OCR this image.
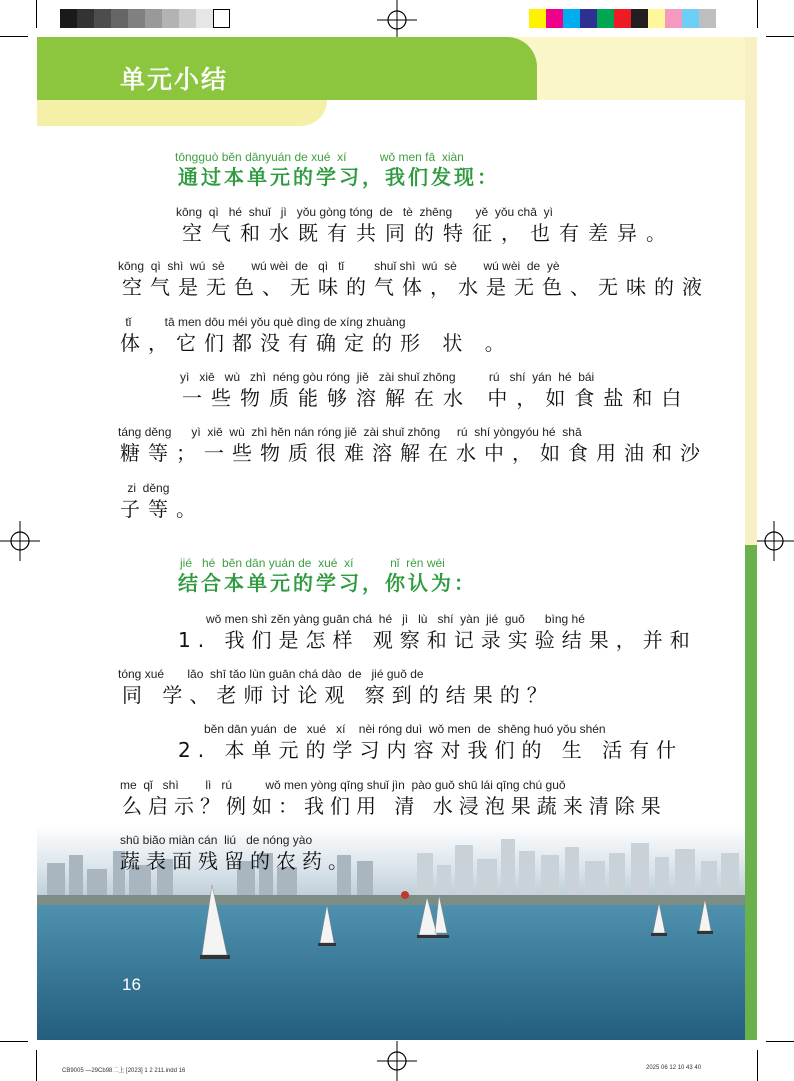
单元小结
tōngguò běn dānyuán de xué  xí          wǒ men fā  xiàn
通过本单元的学习，我们发现：
kōng  qì   hé  shuǐ   jì   yǒu gòng tóng  de   tè  zhēng       yě  yǒu chā  yì
空气和水既有共同的特征，也有差异。
kōng  qì  shì  wú  sè        wú wèi  de   qì   tǐ         shuǐ shì  wú  sè        wú wèi  de  yè
空气是无色、无味的气体，水是无色、无味的液
tǐ          tā men dōu méi yǒu què dìng de xíng zhuàng
体，它们都没有确定的形 状 。
yì   xiē   wù   zhì  néng gòu róng  jiě   zài shuǐ zhōng          rú   shí  yán  hé  bái
一些物质能够溶解在水 中，如食盐和白
táng děng      yì  xiē  wù  zhì hěn nán róng jiě  zài shuǐ zhōng     rú  shí yòngyóu hé  shā
糖等；一些物质很难溶解在水中，如食用油和沙
zi  děng
子等。
jié   hé  běn dān yuán de  xué  xí           nǐ  rèn wéi
结合本单元的学习，你认为：
wǒ men shì zěn yàng guān chá  hé   jì   lù   shí  yàn  jié  guǒ      bìng hé
1. 我们是怎样 观察和记录实验结果，并和
tóng xué       lǎo  shī tǎo lùn guān chá dào  de   jié guǒ de
同 学、老师讨论观 察到的结果的？
běn dān yuán  de   xué   xí    nèi róng duì  wǒ men  de  shēng huó yǒu shén
2. 本单元的学习内容对我们的 生 活有什
me  qǐ   shì        lì   rú          wǒ men yòng qīng shuǐ jìn  pào guǒ shū lái qīng chú guǒ
么启示？例如：我们用 清 水浸泡果蔬来清除果
shū biǎo miàn cán  liú   de nóng yào
蔬表面残留的农药。
16
CB9005 —29Cb98二上 [2023] 1 2 211.indd 16	2025 06 12 10 43 40
